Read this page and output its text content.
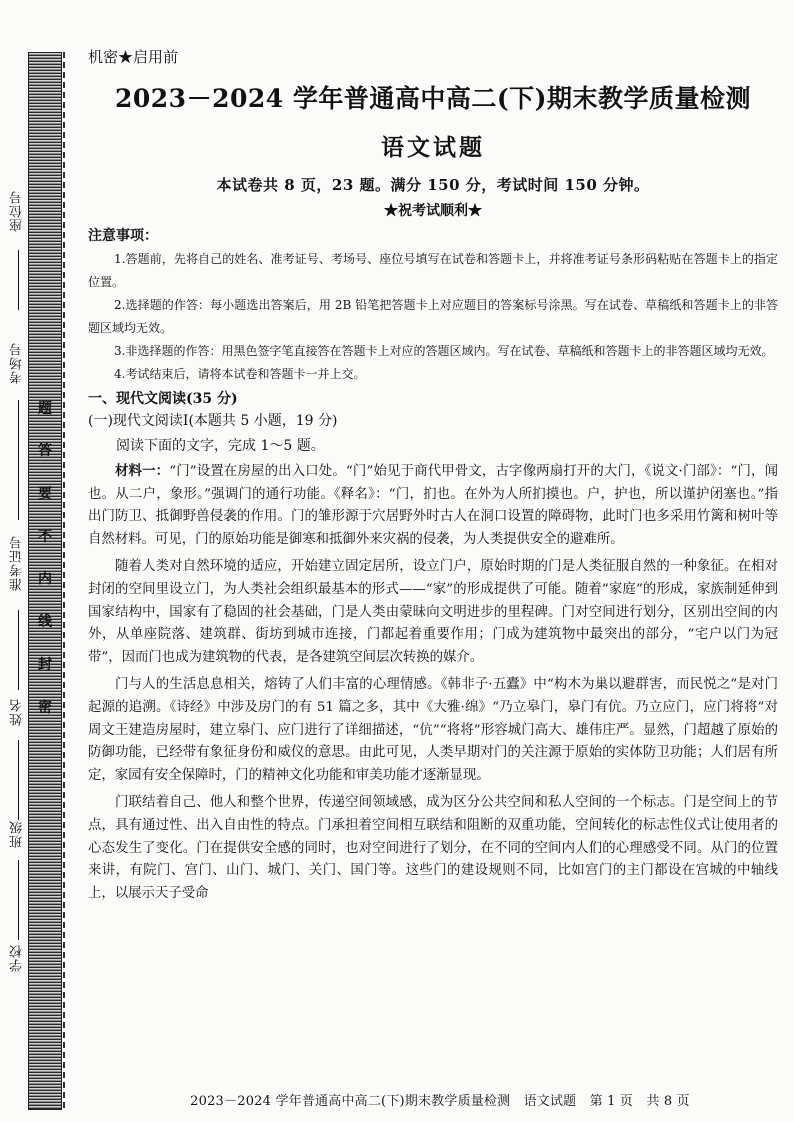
座位号
考场号
准考证号
姓名
班级
学校
题
答
要
不
内
线
封
密
机密★启用前
2023－2024 学年普通高中高二(下)期末教学质量检测
语文试题
本试卷共 8 页，23 题。满分 150 分，考试时间 150 分钟。
★祝考试顺利★
注意事项：

1.答题前，先将自己的姓名、准考证号、考场号、座位号填写在试卷和答题卡上，并将准考证号条形码粘贴在答题卡上的指定位置。

2.选择题的作答：每小题选出答案后，用 2B 铅笔把答题卡上对应题目的答案标号涂黑。写在试卷、草稿纸和答题卡上的非答题区域均无效。

3.非选择题的作答：用黑色签字笔直接答在答题卡上对应的答题区域内。写在试卷、草稿纸和答题卡上的非答题区域均无效。

4.考试结束后，请将本试卷和答题卡一并上交。

一、现代文阅读(35 分)
(一)现代文阅读Ⅰ(本题共 5 小题，19 分)
阅读下面的文字，完成 1～5 题。

材料一：“门”设置在房屋的出入口处。“门”始见于商代甲骨文，古字像两扇打开的大门，《说文·门部》：“门，闻也。从二户，象形。”强调门的通行功能。《释名》：“门，扪也。在外为人所扪摸也。户，护也，所以谨护闭塞也。”指出门防卫、抵御野兽侵袭的作用。门的雏形源于穴居野外时古人在洞口设置的障碍物，此时门也多采用竹篱和树叶等自然材料。可见，门的原始功能是御寒和抵御外来灾祸的侵袭，为人类提供安全的避难所。

随着人类对自然环境的适应，开始建立固定居所，设立门户，原始时期的门是人类征服自然的一种象征。在相对封闭的空间里设立门，为人类社会组织最基本的形式——“家”的形成提供了可能。随着“家庭”的形成，家族制延伸到国家结构中，国家有了稳固的社会基础，门是人类由蒙昧向文明进步的里程碑。门对空间进行划分，区别出空间的内外，从单座院落、建筑群、街坊到城市连接，门都起着重要作用；门成为建筑物中最突出的部分，“宅户以门为冠带”，因而门也成为建筑物的代表，是各建筑空间层次转换的媒介。

门与人的生活息息相关，熔铸了人们丰富的心理情感。《韩非子·五蠹》中“构木为巢以避群害，而民悦之”是对门起源的追溯。《诗经》中涉及房门的有 51 篇之多，其中《大雅·绵》“乃立皋门，皋门有伉。乃立应门，应门将将”对周文王建造房屋时，建立皋门、应门进行了详细描述，“伉”“将将”形容城门高大、雄伟庄严。显然，门超越了原始的防御功能，已经带有象征身份和威仪的意思。由此可见，人类早期对门的关注源于原始的实体防卫功能；人们居有所定，家园有安全保障时，门的精神文化功能和审美功能才逐渐显现。

门联结着自己、他人和整个世界，传递空间领域感，成为区分公共空间和私人空间的一个标志。门是空间上的节点，具有通过性、出入自由性的特点。门承担着空间相互联结和阻断的双重功能，空间转化的标志性仪式让使用者的心态发生了变化。门在提供安全感的同时，也对空间进行了划分，在不同的空间内人们的心理感受不同。从门的位置来讲，有院门、宫门、山门、城门、关门、国门等。这些门的建设规则不同，比如宫门的主门都设在宫城的中轴线上，以展示天子受命

2023－2024 学年普通高中高二(下)期末教学质量检测　语文试题　第 1 页　共 8 页
